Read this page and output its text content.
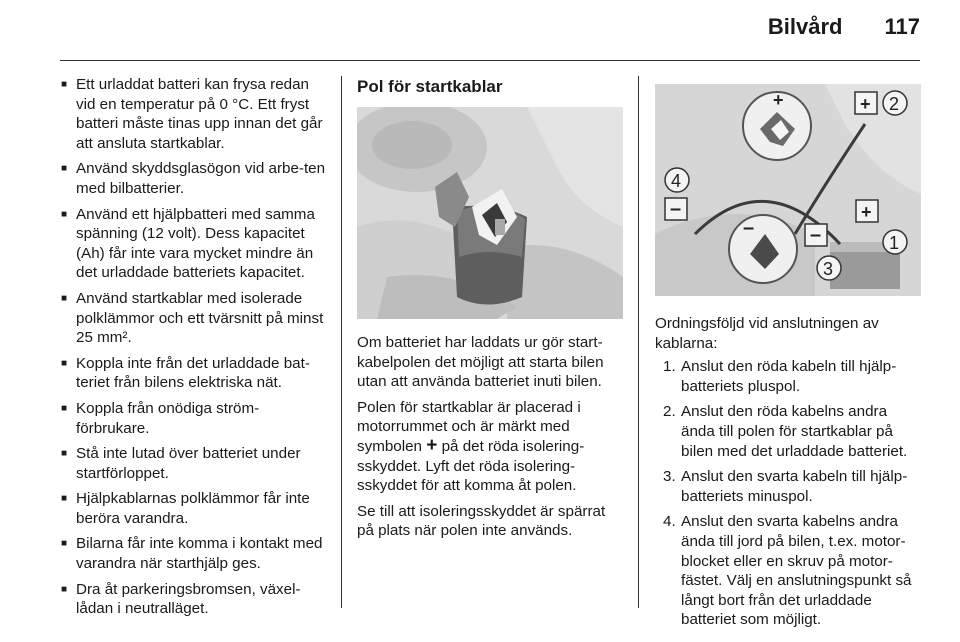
Bilvård 117
■ Ett urladdat batteri kan frysa redan vid en temperatur på 0 °C. Ett fryst batteri måste tinas upp innan det går att ansluta startkablar.
■ Använd skyddsglasögon vid arbe-ten med bilbatterier.
■ Använd ett hjälpbatteri med samma spänning (12 volt). Dess kapacitet (Ah) får inte vara mycket mindre än det urladdade batteriets kapacitet.
■ Använd startkablar med isolerade polklämmor och ett tvärsnitt på minst 25 mm².
■ Koppla inte från det urladdade bat-teriet från bilens elektriska nät.
■ Koppla från onödiga ström-förbrukare.
■ Stå inte lutad över batteriet under startförloppet.
■ Hjälpkablarnas polklämmor får inte beröra varandra.
■ Bilarna får inte komma i kontakt med varandra när starthjälp ges.
■ Dra åt parkeringsbromsen, växel-lådan i neutralläget.
Pol för startkablar

Om batteriet har laddats ur gör start-kabelpolen det möjligt att starta bilen utan att använda batteriet inuti bilen.

Polen för startkablar är placerad i motorrummet och är märkt med symbolen + på det röda isolering-sskyddet. Lyft det röda isolering-sskyddet för att komma åt polen.

Se till att isoleringsskyddet är spärrat på plats när polen inte används.

+
–
+ 2
+
1
–
3
4
–

Ordningsföljd vid anslutningen av kablarna:

1. Anslut den röda kabeln till hjälp-batteriets pluspol.
2. Anslut den röda kabelns andra ända till polen för startkablar på bilen med det urladdade batteriet.
3. Anslut den svarta kabeln till hjälp-batteriets minuspol.
4. Anslut den svarta kabelns andra ända till jord på bilen, t.ex. motor-blocket eller en skruv på motor-fästet. Välj en anslutningspunkt så långt bort från det urladdade batteriet som möjligt.
